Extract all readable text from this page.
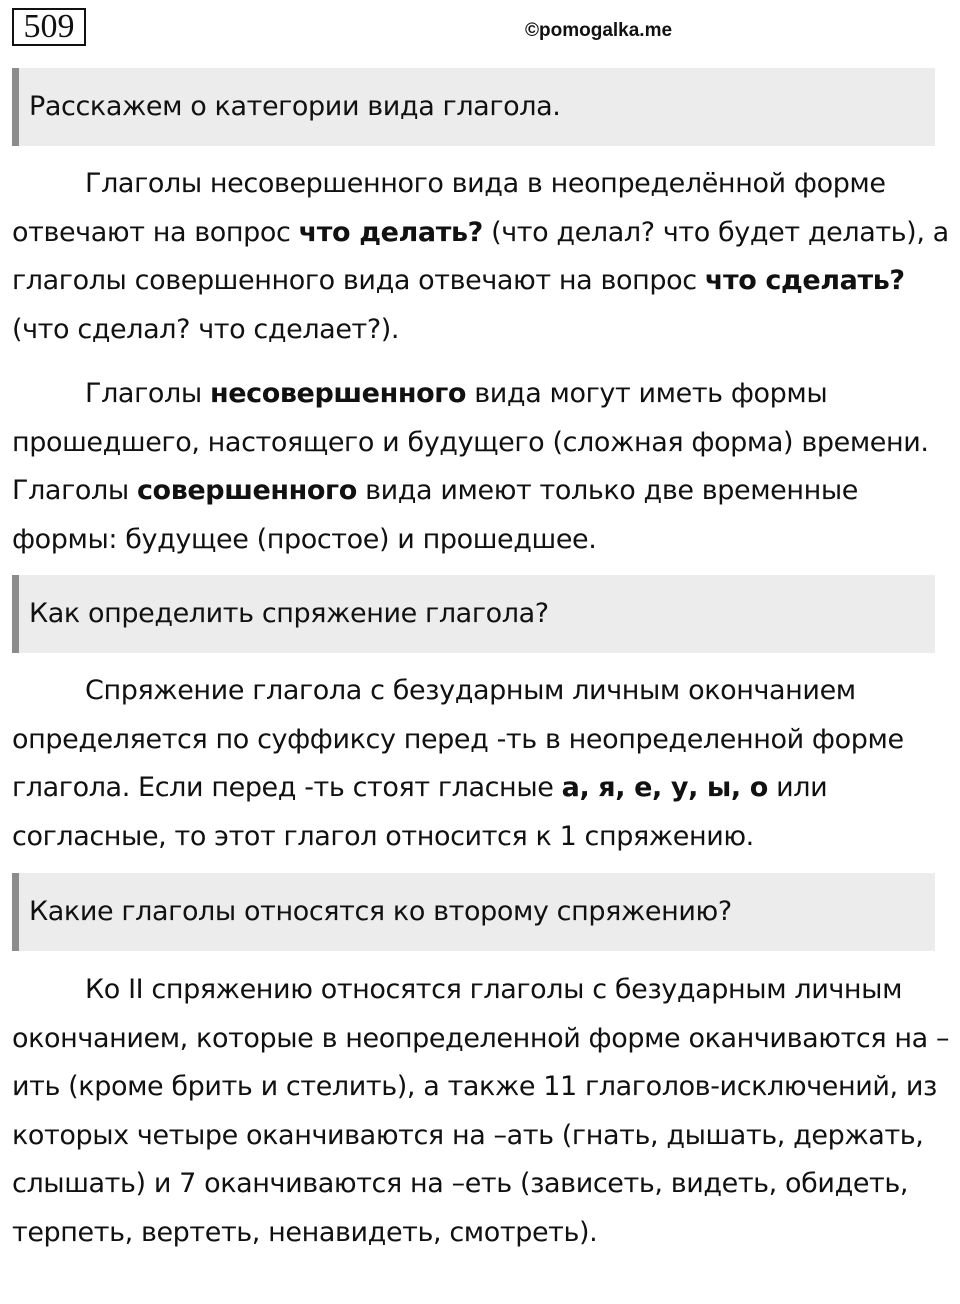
509	©pomogalka.me
Расскажем о категории вида глагола.

Глаголы несовершенного вида в неопределённой форме отвечают на вопрос что делать? (что делал? что будет делать), а глаголы совершенного вида отвечают на вопрос что сделать? (что сделал? что сделает?).

Глаголы несовершенного вида могут иметь формы прошедшего, настоящего и будущего (сложная форма) времени. Глаголы совершенного вида имеют только две временные формы: будущее (простое) и прошедшее.

Как определить спряжение глагола?

Спряжение глагола с безударным личным окончанием определяется по суффиксу перед -ть в неопределенной форме глагола. Если перед -ть стоят гласные а, я, е, у, ы, о или согласные, то этот глагол относится к 1 спряжению.

Какие глаголы относятся ко второму спряжению?

Ко II спряжению относятся глаголы с безударным личным окончанием, которые в неопределенной форме оканчиваются на –ить (кроме брить и стелить), а также 11 глаголов-исключений, из которых четыре оканчиваются на –ать (гнать, дышать, держать, слышать) и 7 оканчиваются на –еть (зависеть, видеть, обидеть, терпеть, вертеть, ненавидеть, смотреть).
